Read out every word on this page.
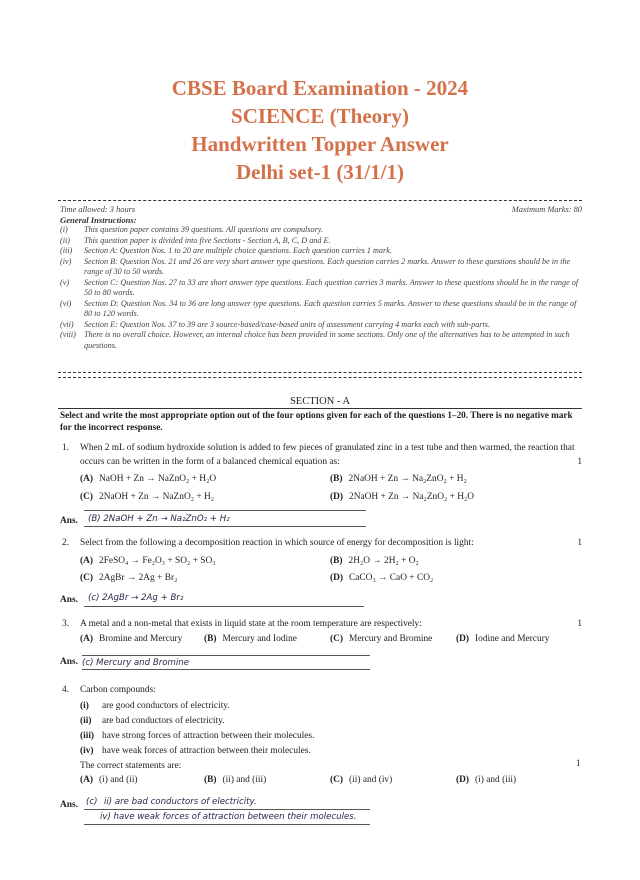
CBSE Board Examination - 2024
SCIENCE (Theory)
Handwritten Topper Answer
Delhi set-1 (31/1/1)
Time allowed: 3 hours	Maximum Marks: 80
General Instructions:
(i)	This question paper contains 39 questions. All questions are compulsory.
(ii)	This question paper is divided into five Sections - Section A, B, C, D and E.
(iii)	Section A: Question Nos. 1 to 20 are multiple choice questions. Each question carries 1 mark.
(iv)	Section B: Question Nos. 21 and 26 are very short answer type questions. Each question carries 2 marks. Answer to these questions should be in the range of 30 to 50 words.
(v)	Section C: Question Nos. 27 to 33 are short answer type questions. Each question carries 3 marks. Answer to these questions should be in the range of 50 to 80 words.
(vi)	Section D: Question Nos. 34 to 36 are long answer type questions. Each question carries 5 marks. Answer to these questions should be in the range of 80 to 120 words.
(vii)	Section E: Question Nos. 37 to 39 are 3 source-based/case-based units of assessment carrying 4 marks each with sub-parts.
(viii) There is no overall choice. However, an internal choice has been provided in some sections. Only one of the alternatives has to be attempted in such questions.
SECTION - A
Select and write the most appropriate option out of the four options given for each of the questions 1–20. There is no negative mark for the incorrect response.
1. When 2 mL of sodium hydroxide solution is added to few pieces of granulated zinc in a test tube and then warmed, the reaction that occurs can be written in the form of a balanced chemical equation as:	1
(A) NaOH + Zn → NaZnO₂ + H₂O	(B) 2NaOH + Zn → Na₂ZnO₂ + H₂
(C) 2NaOH + Zn → NaZnO₂ + H₂	(D) 2NaOH + Zn → Na₂ZnO₂ + H₂O
Ans. (B) 2NaOH + Zn → Na₂ZnO₂ + H₂
2. Select from the following a decomposition reaction in which source of energy for decomposition is light:	1
(A) 2FeSO₄ → Fe₂O₃ + SO₂ + SO₃	(B) 2H₂O → 2H₂ + O₂
(C) 2AgBr → 2Ag + Br₂	(D) CaCO₃ → CaO + CO₂
Ans. (c) 2AgBr → 2Ag + Br₂
3. A metal and a non-metal that exists in liquid state at the room temperature are respectively:	1
(A) Bromine and Mercury (B) Mercury and Iodine	(C) Mercury and Bromine	(D) Iodine and Mercury
Ans. (c) Mercury and Bromine
4. Carbon compounds:
(i) are good conductors of electricity.
(ii) are bad conductors of electricity.
(iii) have strong forces of attraction between their molecules.
(iv) have weak forces of attraction between their molecules.
The correct statements are:	1
(A) (i) and (ii)	(B) (ii) and (iii)	(C) (ii) and (iv)	(D) (i) and (iii)
Ans. (c) ii) are bad conductors of electricity.
iv) have weak forces of attraction between their molecules.
